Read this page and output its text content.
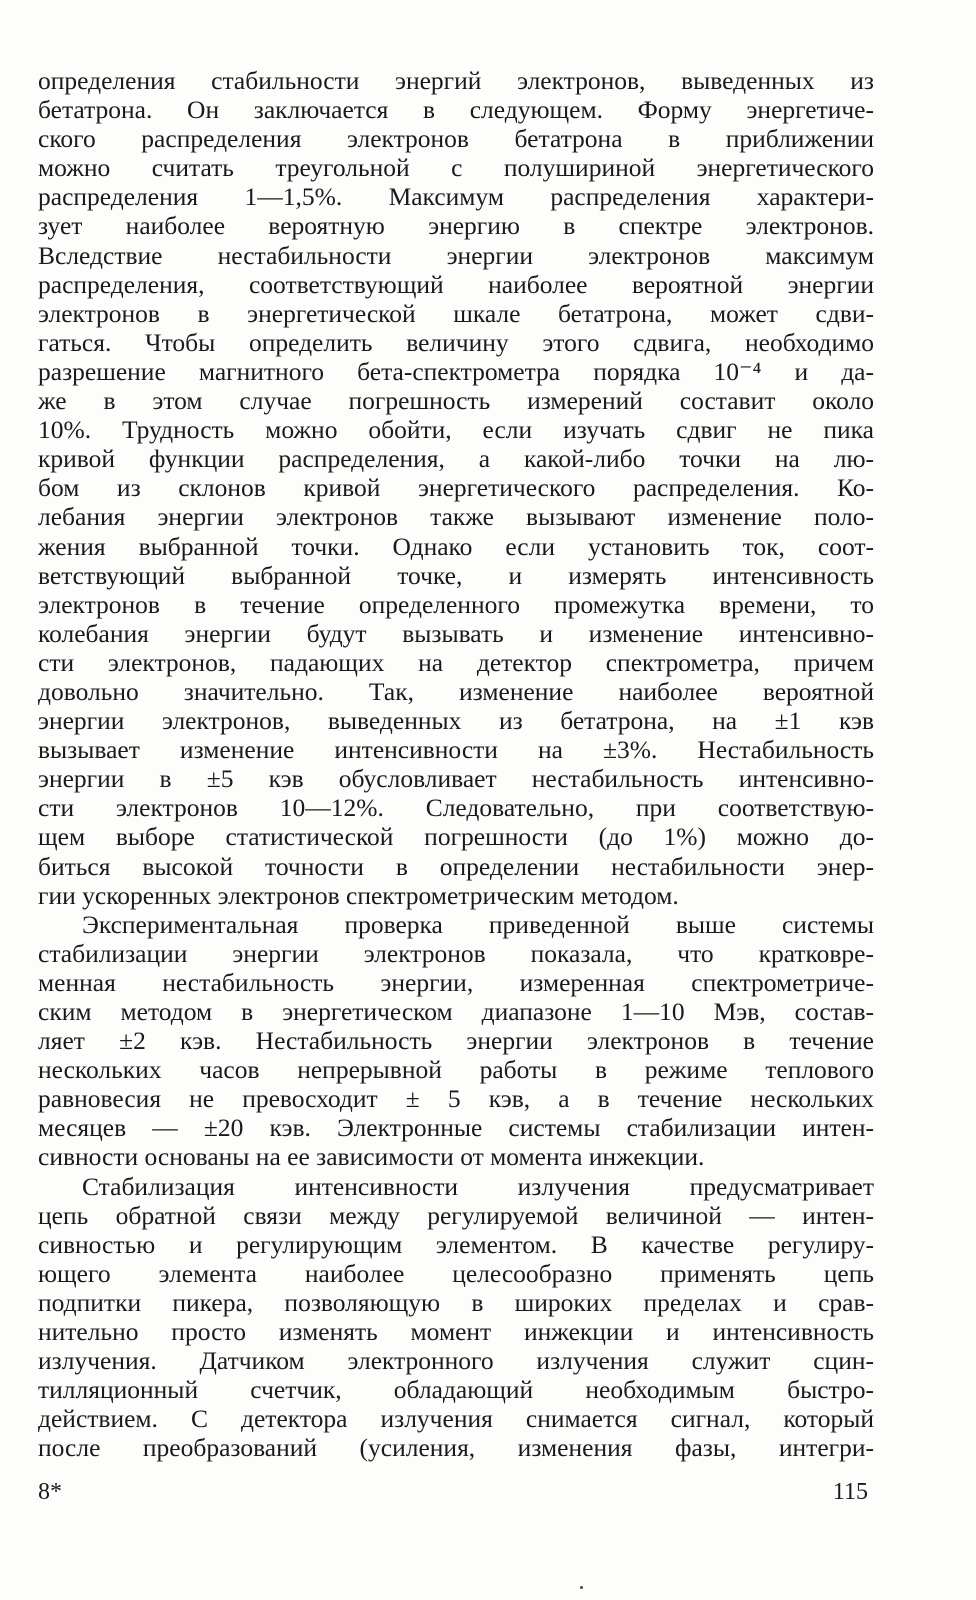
определения стабильности энергий электронов, выведенных из
бетатрона. Он заключается в следующем. Форму энергетиче-
ского распределения электронов бетатрона в приближении
можно считать треугольной с полушириной энергетического
распределения 1—1,5%. Максимум распределения характери-
зует наиболее вероятную энергию в спектре электронов.
Вследствие нестабильности энергии электронов максимум
распределения, соответствующий наиболее вероятной энергии
электронов в энергетической шкале бетатрона, может сдви-
гаться. Чтобы определить величину этого сдвига, необходимо
разрешение магнитного бета-спектрометра порядка 10⁻⁴ и да-
же в этом случае погрешность измерений составит около
10%. Трудность можно обойти, если изучать сдвиг не пика
кривой функции распределения, а какой-либо точки на лю-
бом из склонов кривой энергетического распределения. Ко-
лебания энергии электронов также вызывают изменение поло-
жения выбранной точки. Однако если установить ток, соот-
ветствующий выбранной точке, и измерять интенсивность
электронов в течение определенного промежутка времени, то
колебания энергии будут вызывать и изменение интенсивно-
сти электронов, падающих на детектор спектрометра, причем
довольно значительно. Так, изменение наиболее вероятной
энергии электронов, выведенных из бетатрона, на ±1 кэв
вызывает изменение интенсивности на ±3%. Нестабильность
энергии в ±5 кэв обусловливает нестабильность интенсивно-
сти электронов 10—12%. Следовательно, при соответствую-
щем выборе статистической погрешности (до 1%) можно до-
биться высокой точности в определении нестабильности энер-
гии ускоренных электронов спектрометрическим методом.
Экспериментальная проверка приведенной выше системы
стабилизации энергии электронов показала, что кратковре-
менная нестабильность энергии, измеренная спектрометриче-
ским методом в энергетическом диапазоне 1—10 Мэв, состав-
ляет ±2 кэв. Нестабильность энергии электронов в течение
нескольких часов непрерывной работы в режиме теплового
равновесия не превосходит ± 5 кэв, а в течение нескольких
месяцев — ±20 кэв. Электронные системы стабилизации интен-
сивности основаны на ее зависимости от момента инжекции.
Стабилизация интенсивности излучения предусматривает
цепь обратной связи между регулируемой величиной — интен-
сивностью и регулирующим элементом. В качестве регулиру-
ющего элемента наиболее целесообразно применять цепь
подпитки пикера, позволяющую в широких пределах и срав-
нительно просто изменять момент инжекции и интенсивность
излучения. Датчиком электронного излучения служит сцин-
тилляционный счетчик, обладающий необходимым быстро-
действием. С детектора излучения снимается сигнал, который
после преобразований (усиления, изменения фазы, интегри-
8*	115
